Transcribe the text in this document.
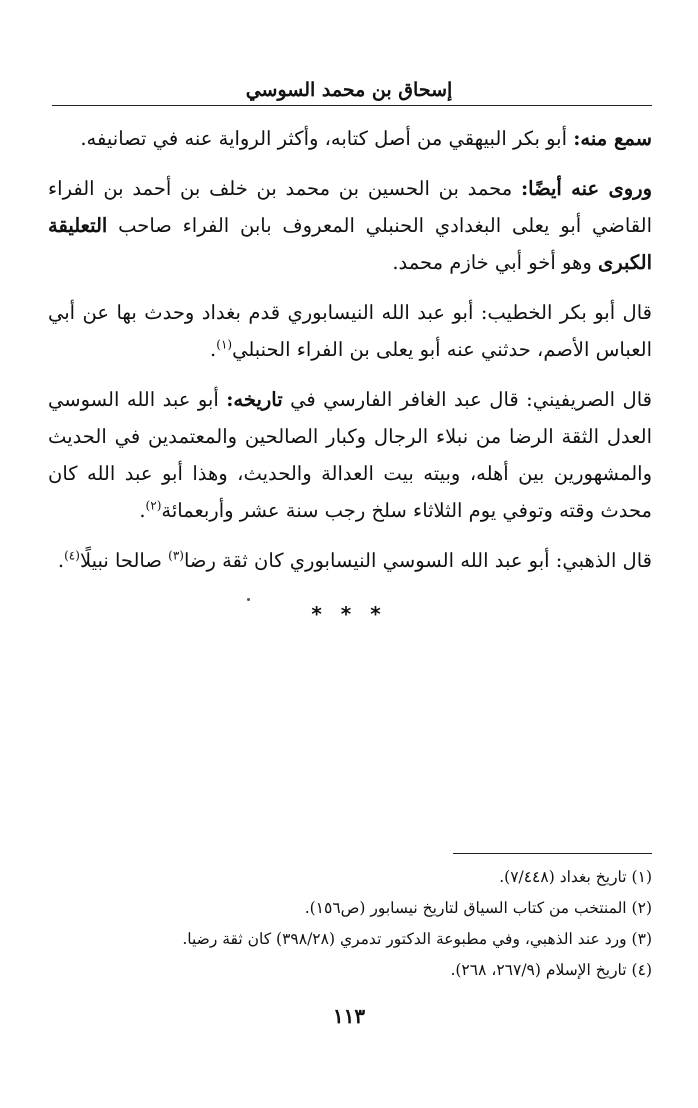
إسحاق بن محمد السوسي

سمع منه: أبو بكر البيهقي من أصل كتابه، وأكثر الرواية عنه في تصانيفه.

وروى عنه أيضًا: محمد بن الحسين بن محمد بن خلف بن أحمد بن الفراء القاضي أبو يعلى البغدادي الحنبلي المعروف بابن الفراء صاحب التعليقة الكبرى وهو أخو أبي خازم محمد.

قال أبو بكر الخطيب: أبو عبد الله النيسابوري قدم بغداد وحدث بها عن أبي العباس الأصم، حدثني عنه أبو يعلى بن الفراء الحنبلي$^{(١)}$.

قال الصريفيني: قال عبد الغافر الفارسي في تاريخه: أبو عبد الله السوسي العدل الثقة الرضا من نبلاء الرجال وكبار الصالحين والمعتمدين في الحديث والمشهورين بين أهله، وبيته بيت العدالة والحديث، وهذا أبو عبد الله كان محدث وقته وتوفي يوم الثلاثاء سلخ رجب سنة عشر وأربعمائة$^{(٢)}$.

قال الذهبي: أبو عبد الله السوسي النيسابوري كان ثقة رضا$^{(٣)}$ صالحا نبيلًا$^{(٤)}$.

* * *
(١) تاريخ بغداد (٧/٤٤٨).
(٢) المنتخب من كتاب السياق لتاريخ نيسابور (ص١٥٦).
(٣) ورد عند الذهبي، وفي مطبوعة الدكتور تدمري (٣٩٨/٢٨) كان ثقة رضيا.
(٤) تاريخ الإسلام (٢٦٧/٩، ٢٦٨).
١١٣
